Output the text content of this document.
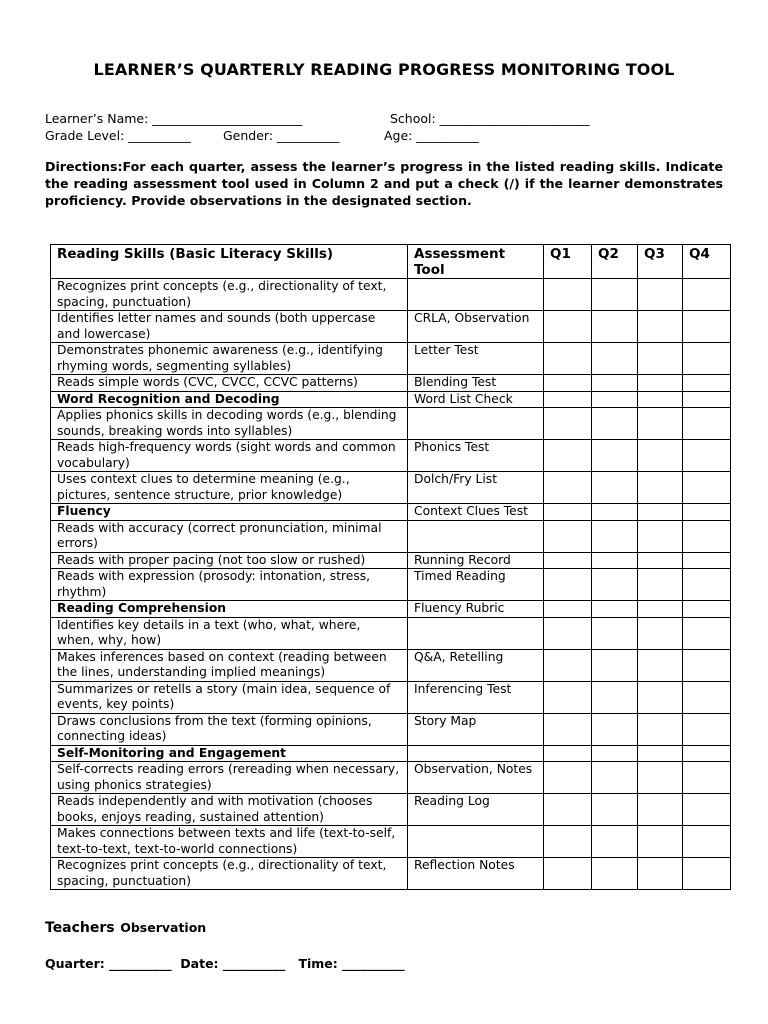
LEARNER’S QUARTERLY READING PROGRESS MONITORING TOOL
Learner’s Name: ________________________	School: ________________________
Grade Level: __________	Gender: __________	Age: __________
Directions:For each quarter, assess the learner’s progress in the listed reading skills. Indicate the reading assessment tool used in Column 2 and put a check (/) if the learner demonstrates proficiency. Provide observations in the designated section.
Reading Skills (Basic Literacy Skills)	Assessment Tool	Q1	Q2	Q3	Q4
Recognizes print concepts (e.g., directionality of text, spacing, punctuation)					
Identifies letter names and sounds (both uppercase and lowercase)	CRLA, Observation				
Demonstrates phonemic awareness (e.g., identifying rhyming words, segmenting syllables)	Letter Test				
Reads simple words (CVC, CVCC, CCVC patterns)	Blending Test				
Word Recognition and Decoding	Word List Check				
Applies phonics skills in decoding words (e.g., blending sounds, breaking words into syllables)					
Reads high-frequency words (sight words and common vocabulary)	Phonics Test				
Uses context clues to determine meaning (e.g., pictures, sentence structure, prior knowledge)	Dolch/Fry List				
Fluency	Context Clues Test				
Reads with accuracy (correct pronunciation, minimal errors)					
Reads with proper pacing (not too slow or rushed)	Running Record				
Reads with expression (prosody: intonation, stress, rhythm)	Timed Reading				
Reading Comprehension	Fluency Rubric				
Identifies key details in a text (who, what, where, when, why, how)					
Makes inferences based on context (reading between the lines, understanding implied meanings)	Q&A, Retelling				
Summarizes or retells a story (main idea, sequence of events, key points)	Inferencing Test				
Draws conclusions from the text (forming opinions, connecting ideas)	Story Map				
Self-Monitoring and Engagement					
Self-corrects reading errors (rereading when necessary, using phonics strategies)	Observation, Notes				
Reads independently and with motivation (chooses books, enjoys reading, sustained attention)	Reading Log				
Makes connections between texts and life (text-to-self, text-to-text, text-to-world connections)					
Recognizes print concepts (e.g., directionality of text, spacing, punctuation)	Reflection Notes				
Teachers Observation
Quarter: __________  Date: __________   Time: __________
